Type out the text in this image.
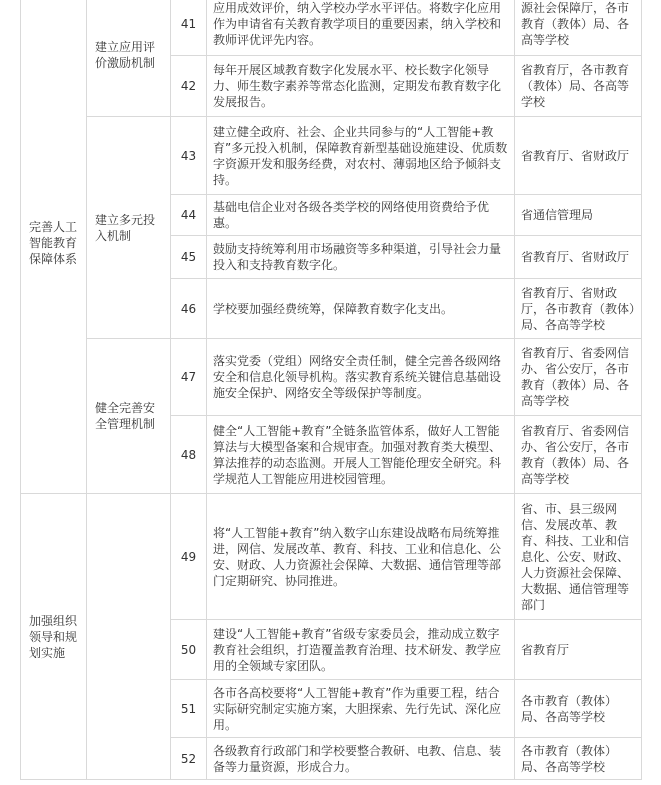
完善人工智能教育保障体系	建立应用评价激励机制	41	应用成效评价，纳入学校办学水平评估。将数字化应用作为申请省有关教育教学项目的重要因素，纳入学校和教师评优评先内容。	源社会保障厅，各市教育（教体）局、各高等学校
		42	每年开展区域教育数字化发展水平、校长数字化领导力、师生数字素养等常态化监测，定期发布教育数字化发展报告。	省教育厅，各市教育（教体）局、各高等学校
	建立多元投入机制	43	建立健全政府、社会、企业共同参与的“人工智能+教育”多元投入机制，保障教育新型基础设施建设、优质数字资源开发和服务经费，对农村、薄弱地区给予倾斜支持。	省教育厅、省财政厅
		44	基础电信企业对各级各类学校的网络使用资费给予优惠。	省通信管理局
		45	鼓励支持统筹利用市场融资等多种渠道，引导社会力量投入和支持教育数字化。	省教育厅、省财政厅
		46	学校要加强经费统筹，保障教育数字化支出。	省教育厅、省财政厅，各市教育（教体）局、各高等学校
	健全完善安全管理机制	47	落实党委（党组）网络安全责任制，健全完善各级网络安全和信息化领导机构。落实教育系统关键信息基础设施安全保护、网络安全等级保护等制度。	省教育厅、省委网信办、省公安厅，各市教育（教体）局、各高等学校
		48	健全“人工智能+教育”全链条监管体系，做好人工智能算法与大模型备案和合规审查。加强对教育类大模型、算法推荐的动态监测。开展人工智能伦理安全研究。科学规范人工智能应用进校园管理。	省教育厅、省委网信办、省公安厅，各市教育（教体）局、各高等学校
加强组织领导和规划实施		49	将“人工智能+教育”纳入数字山东建设战略布局统筹推进，网信、发展改革、教育、科技、工业和信息化、公安、财政、人力资源社会保障、大数据、通信管理等部门定期研究、协同推进。	省、市、县三级网信、发展改革、教育、科技、工业和信息化、公安、财政、人力资源社会保障、大数据、通信管理等部门
		50	建设“人工智能+教育”省级专家委员会，推动成立数字教育社会组织，打造覆盖教育治理、技术研发、教学应用的全领域专家团队。	省教育厅
		51	各市各高校要将“人工智能+教育”作为重要工程，结合实际研究制定实施方案，大胆探索、先行先试、深化应用。	各市教育（教体）局、各高等学校
		52	各级教育行政部门和学校要整合教研、电教、信息、装备等力量资源，形成合力。	各市教育（教体）局、各高等学校
